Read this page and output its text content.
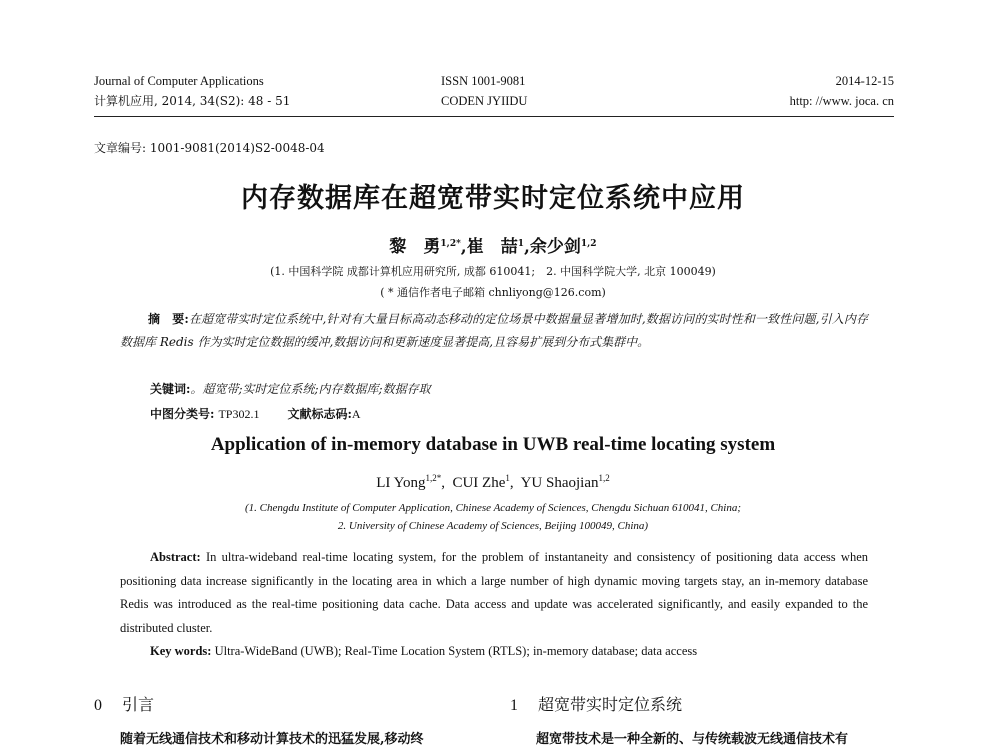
Journal of Computer Applications
计算机应用, 2014, 34(S2): 48 - 51
ISSN 1001-9081
CODEN JYIIDU
2014-12-15
http: //www. joca. cn
文章编号: 1001-9081(2014)S2-0048-04
内存数据库在超宽带实时定位系统中应用
黎　勇$^{1,2*}$,崔　喆$^1$,余少剑$^{1,2}$
(1. 中国科学院 成都计算机应用研究所, 成都 610041;　2. 中国科学院大学, 北京 100049)
( * 通信作者电子邮箱 chnliyong@126.com)
摘　要:在超宽带实时定位系统中,针对有大量目标高动态移动的定位场景中数据量显著增加时,数据访问的实时性和一致性问题,引入内存数据库 Redis 作为实时定位数据的缓冲,数据访问和更新速度显著提高,且容易扩展到分布式集群中。
关键词:。超宽带;实时定位系统;内存数据库;数据存取
中图分类号: TP302.1 文献标志码:A
Application of in-memory database in UWB real-time locating system
LI Yong$^{1,2*}$, CUI Zhe$^1$, YU Shaojian$^{1,2}$
(1. Chengdu Institute of Computer Application, Chinese Academy of Sciences, Chengdu Sichuan 610041, China;
2. University of Chinese Academy of Sciences, Beijing 100049, China)
Abstract: In ultra-wideband real-time locating system, for the problem of instantaneity and consistency of positioning data access when positioning data increase significantly in the locating area in which a large number of high dynamic moving targets stay, an in-memory database Redis was introduced as the real-time positioning data cache. Data access and update was accelerated significantly, and easily expanded to the distributed cluster.
Key words: Ultra-WideBand (UWB); Real-Time Location System (RTLS); in-memory database; data access
0 引言	1 超宽带实时定位系统
随着无线通信技术和移动计算技术的迅猛发展,移动终	超宽带技术是一种全新的、与传统载波无线通信技术有
